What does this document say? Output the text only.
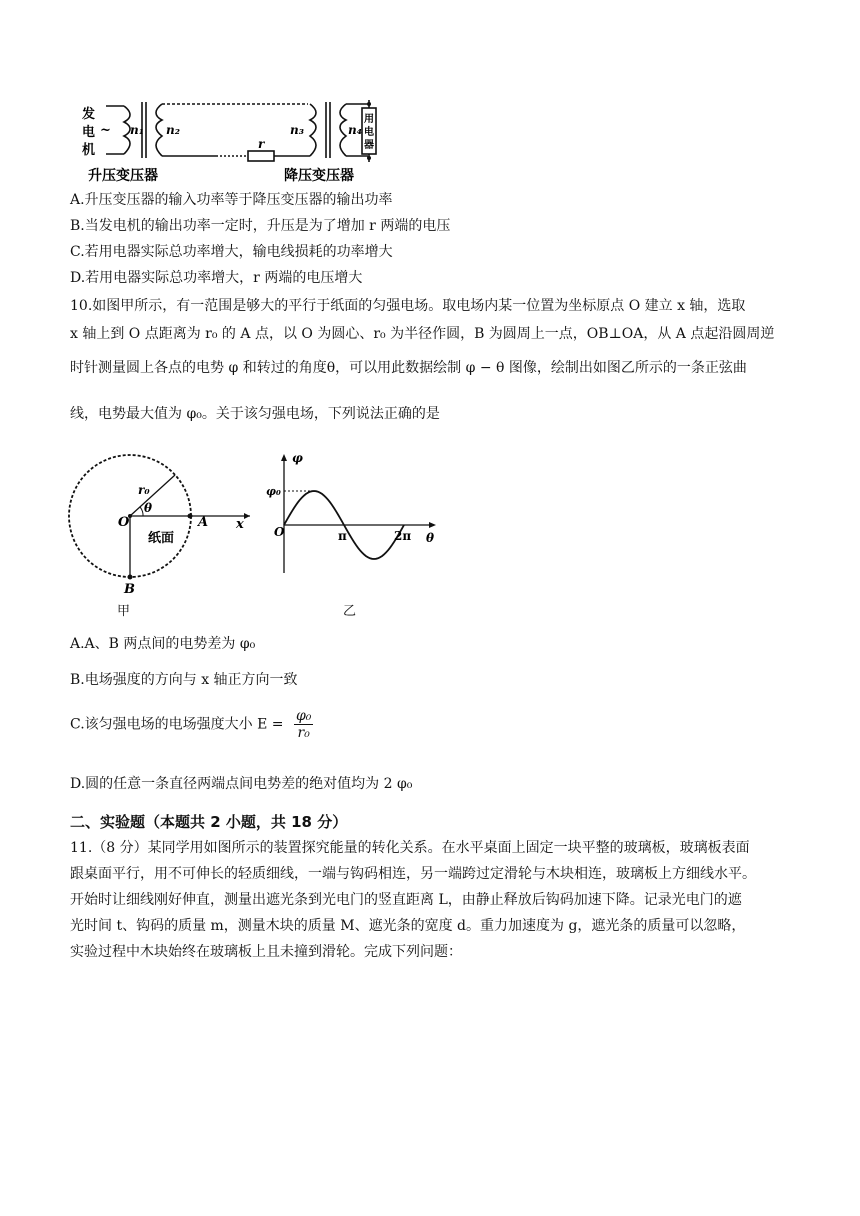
发
电
机
~ n₁ n₂	n₃	n₄
r
用
电
器
升压变压器	降压变压器
A.升压变压器的输入功率等于降压变压器的输出功率
B.当发电机的输出功率一定时，升压是为了增加 r 两端的电压
C.若用电器实际总功率增大，输电线损耗的功率增大
D.若用电器实际总功率增大，r 两端的电压增大
10.如图甲所示，有一范围是够大的平行于纸面的匀强电场。取电场内某一位置为坐标原点 O 建立 x 轴，选取
x 轴上到 O 点距离为 r₀ 的 A 点，以 O 为圆心、r₀ 为半径作圆，B 为圆周上一点，OB⊥OA，从 A 点起沿圆周逆
时针测量圆上各点的电势 φ 和转过的角度θ，可以用此数据绘制 φ − θ 图像，绘制出如图乙所示的一条正弦曲
线，电势最大值为 φ₀。关于该匀强电场，下列说法正确的是
r₀
θ
O	A x
纸面
B
φ
φ₀
O	π	2π θ
甲	乙
A.A、B 两点间的电势差为 φ₀
B.电场强度的方向与 x 轴正方向一致
C.该匀强电场的电场强度大小 $E = \frac{\text{φ₀}}{\text{r₀}}$
D.圆的任意一条直径两端点间电势差的绝对值均为 2 φ₀
二、实验题（本题共 2 小题，共 18 分）
11.（8 分）某同学用如图所示的装置探究能量的转化关系。在水平桌面上固定一块平整的玻璃板，玻璃板表面
跟桌面平行，用不可伸长的轻质细线，一端与钩码相连，另一端跨过定滑轮与木块相连，玻璃板上方细线水平。
开始时让细线刚好伸直，测量出遮光条到光电门的竖直距离 L，由静止释放后钩码加速下降。记录光电门的遮
光时间 t、钩码的质量 m，测量木块的质量 M、遮光条的宽度 d。重力加速度为 g，遮光条的质量可以忽略，
实验过程中木块始终在玻璃板上且未撞到滑轮。完成下列问题：
